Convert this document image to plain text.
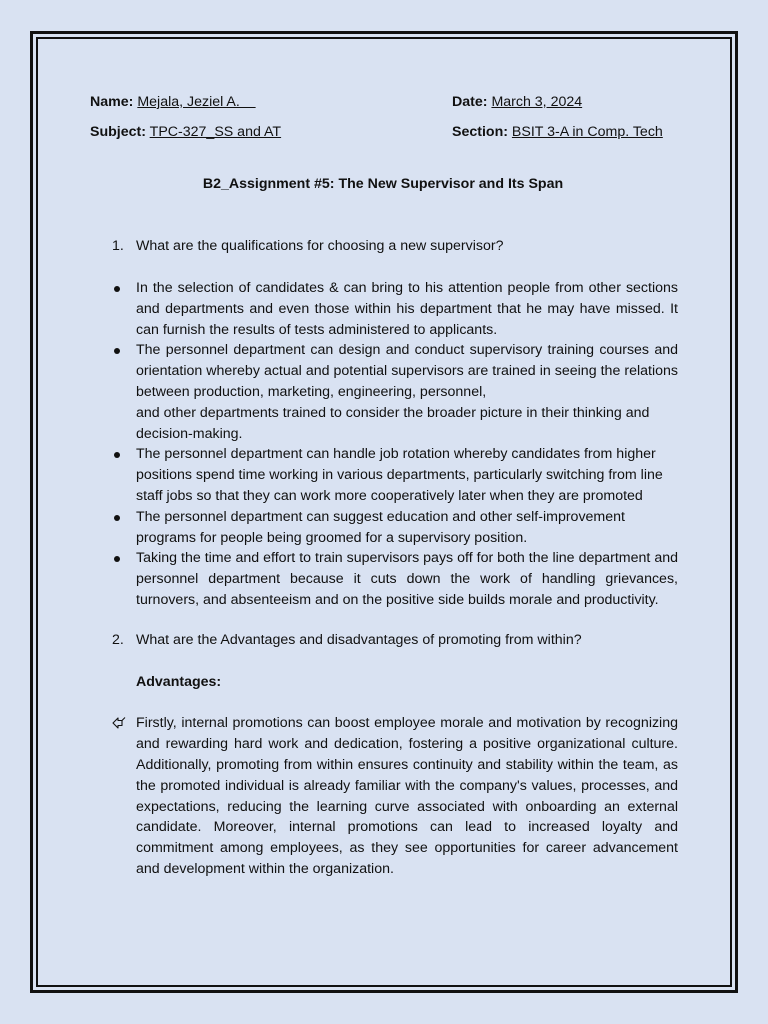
Name: Mejala, Jeziel A.	Date: March 3, 2024
Subject: TPC-327_SS and AT	Section: BSIT 3-A in Comp. Tech
B2_Assignment #5: The New Supervisor and Its Span
1. What are the qualifications for choosing a new supervisor?
In the selection of candidates & can bring to his attention people from other sections and departments and even those within his department that he may have missed. It can furnish the results of tests administered to applicants.
The personnel department can design and conduct supervisory training courses and orientation whereby actual and potential supervisors are trained in seeing the relations between production, marketing, engineering, personnel,
and other departments trained to consider the broader picture in their thinking and decision-making.
The personnel department can handle job rotation whereby candidates from higher positions spend time working in various departments, particularly switching from line staff jobs so that they can work more cooperatively later when they are promoted
The personnel department can suggest education and other self-improvement programs for people being groomed for a supervisory position.
Taking the time and effort to train supervisors pays off for both the line department and personnel department because it cuts down the work of handling grievances, turnovers, and absenteeism and on the positive side builds morale and productivity.
2. What are the Advantages and disadvantages of promoting from within?
Advantages:
Firstly, internal promotions can boost employee morale and motivation by recognizing and rewarding hard work and dedication, fostering a positive organizational culture. Additionally, promoting from within ensures continuity and stability within the team, as the promoted individual is already familiar with the company's values, processes, and expectations, reducing the learning curve associated with onboarding an external candidate. Moreover, internal promotions can lead to increased loyalty and commitment among employees, as they see opportunities for career advancement and development within the organization.
